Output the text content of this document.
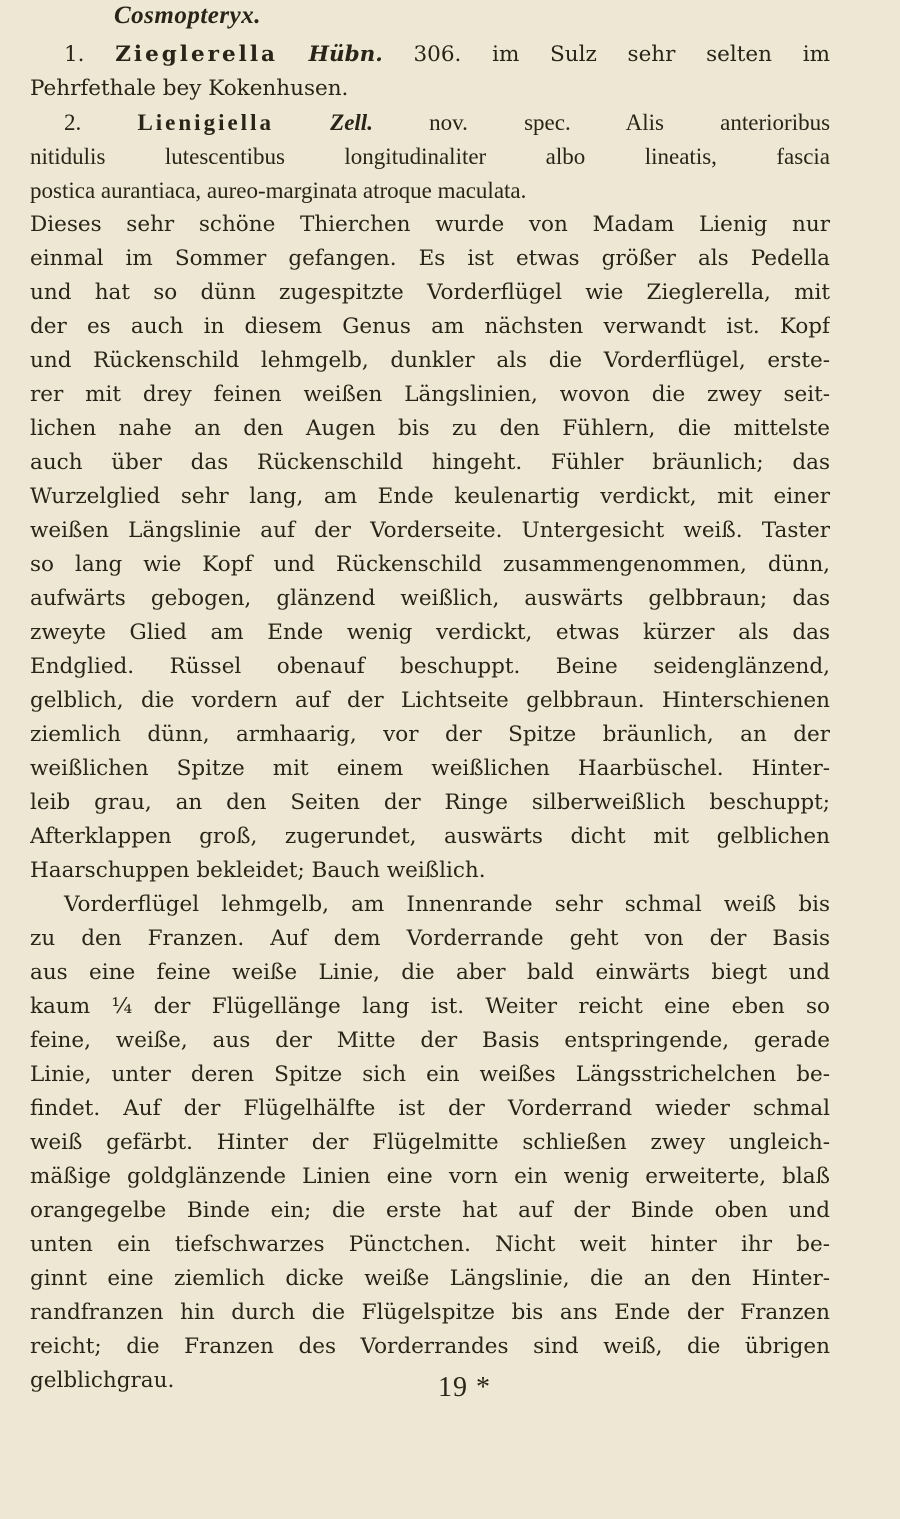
Cosmopteryx.
1. Zieglerella Hübn. 306. im Sulz sehr selten im
Pehrfethale bey Kokenhusen.
2. Lienigiella Zell. nov. spec. Alis anterioribus
nitidulis lutescentibus longitudinaliter albo lineatis, fascia
postica aurantiaca, aureo-marginata atroque maculata.
Dieses sehr schöne Thierchen wurde von Madam Lienig nur
einmal im Sommer gefangen. Es ist etwas größer als Pedella
und hat so dünn zugespitzte Vorderflügel wie Zieglerella, mit
der es auch in diesem Genus am nächsten verwandt ist. Kopf
und Rückenschild lehmgelb, dunkler als die Vorderflügel, erste-
rer mit drey feinen weißen Längslinien, wovon die zwey seit-
lichen nahe an den Augen bis zu den Fühlern, die mittelste
auch über das Rückenschild hingeht. Fühler bräunlich; das
Wurzelglied sehr lang, am Ende keulenartig verdickt, mit einer
weißen Längslinie auf der Vorderseite. Untergesicht weiß. Taster
so lang wie Kopf und Rückenschild zusammengenommen, dünn,
aufwärts gebogen, glänzend weißlich, auswärts gelbbraun; das
zweyte Glied am Ende wenig verdickt, etwas kürzer als das
Endglied. Rüssel obenauf beschuppt. Beine seidenglänzend,
gelblich, die vordern auf der Lichtseite gelbbraun. Hinterschienen
ziemlich dünn, armhaarig, vor der Spitze bräunlich, an der
weißlichen Spitze mit einem weißlichen Haarbüschel. Hinter-
leib grau, an den Seiten der Ringe silberweißlich beschuppt;
Afterklappen groß, zugerundet, auswärts dicht mit gelblichen
Haarschuppen bekleidet; Bauch weißlich.
Vorderflügel lehmgelb, am Innenrande sehr schmal weiß bis
zu den Franzen. Auf dem Vorderrande geht von der Basis
aus eine feine weiße Linie, die aber bald einwärts biegt und
kaum ¼ der Flügellänge lang ist. Weiter reicht eine eben so
feine, weiße, aus der Mitte der Basis entspringende, gerade
Linie, unter deren Spitze sich ein weißes Längsstrichelchen be-
findet. Auf der Flügelhälfte ist der Vorderrand wieder schmal
weiß gefärbt. Hinter der Flügelmitte schließen zwey ungleich-
mäßige goldglänzende Linien eine vorn ein wenig erweiterte, blaß
orangegelbe Binde ein; die erste hat auf der Binde oben und
unten ein tiefschwarzes Pünctchen. Nicht weit hinter ihr be-
ginnt eine ziemlich dicke weiße Längslinie, die an den Hinter-
randfranzen hin durch die Flügelspitze bis ans Ende der Franzen
reicht; die Franzen des Vorderrandes sind weiß, die übrigen
gelblichgrau.	19 *
